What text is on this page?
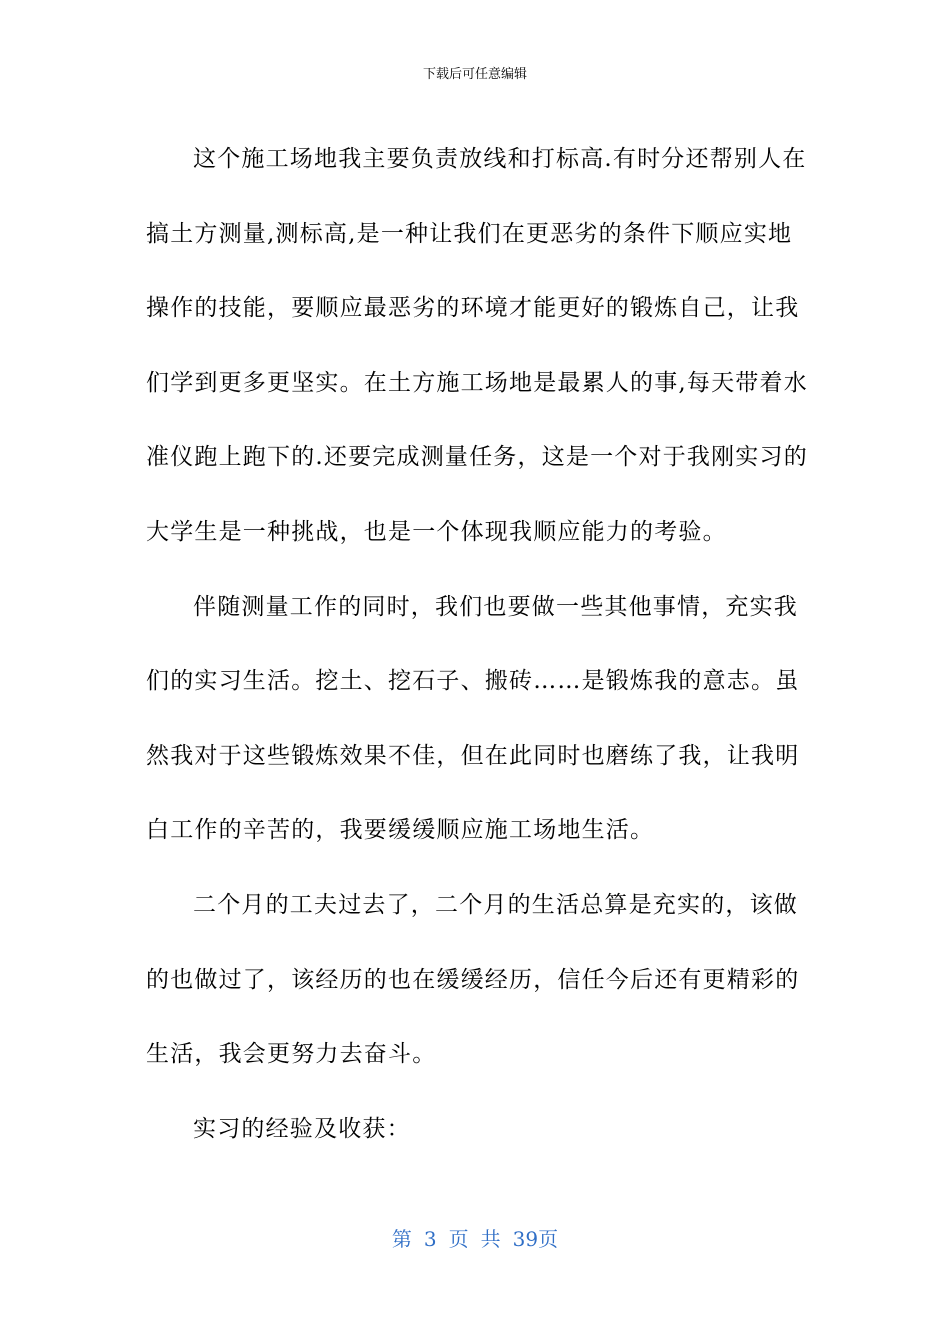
下载后可任意编辑

这个施工场地我主要负责放线和打标高.有时分还帮别人在搞土方测量,测标高,是一种让我们在更恶劣的条件下顺应实地操作的技能，要顺应最恶劣的环境才能更好的锻炼自己，让我们学到更多更坚实。在土方施工场地是最累人的事,每天带着水准仪跑上跑下的.还要完成测量任务，这是一个对于我刚实习的大学生是一种挑战，也是一个体现我顺应能力的考验。

伴随测量工作的同时，我们也要做一些其他事情，充实我们的实习生活。挖土、挖石子、搬砖……是锻炼我的意志。虽然我对于这些锻炼效果不佳，但在此同时也磨练了我，让我明白工作的辛苦的，我要缓缓顺应施工场地生活。

二个月的工夫过去了，二个月的生活总算是充实的，该做的也做过了，该经历的也在缓缓经历，信任今后还有更精彩的生活，我会更努力去奋斗。

实习的经验及收获：

第 3 页 共 39页
